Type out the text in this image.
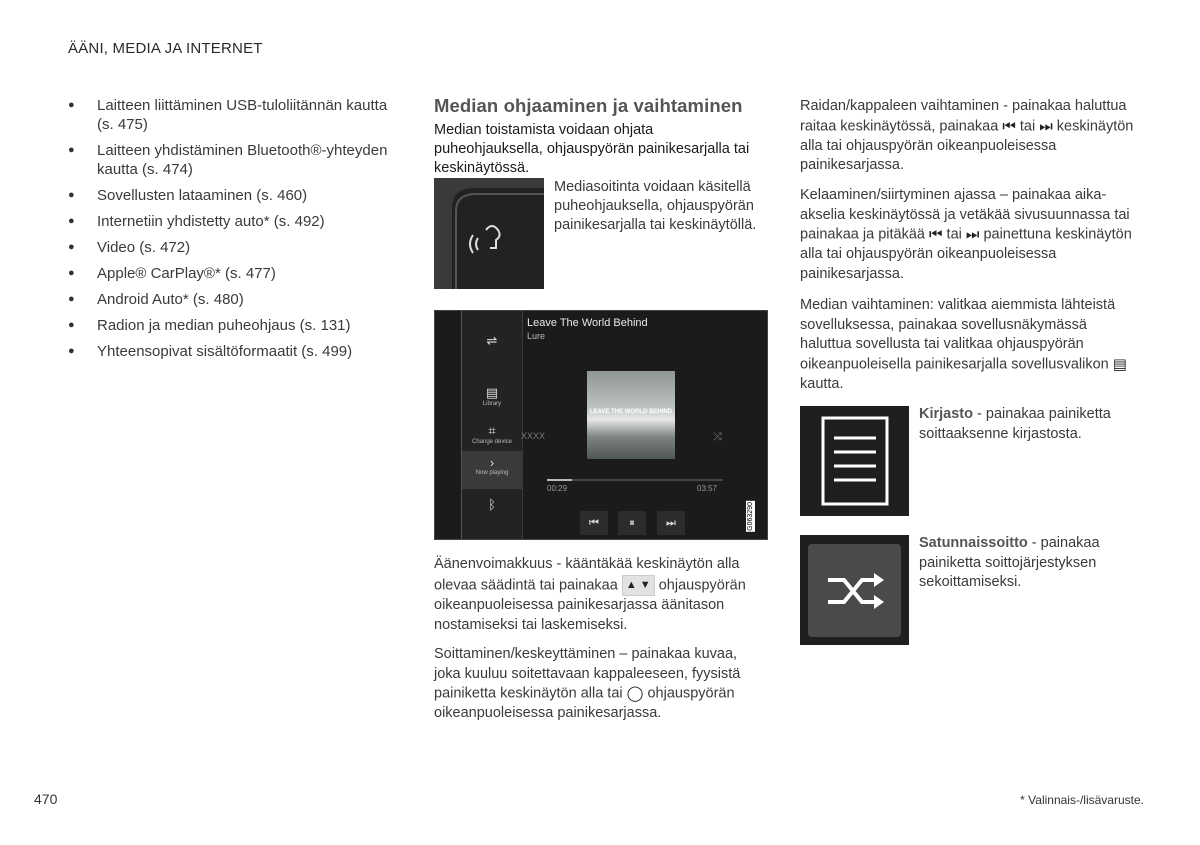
ÄÄNI, MEDIA JA INTERNET
● Laitteen liittäminen USB-tuloliitännän kautta (s. 475)
● Laitteen yhdistäminen Bluetooth®-yhteyden kautta (s. 474)
● Sovellusten lataaminen (s. 460)
● Internetiin yhdistetty auto* (s. 492)
● Video (s. 472)
● Apple® CarPlay®* (s. 477)
● Android Auto* (s. 480)
● Radion ja median puheohjaus (s. 131)
● Yhteensopivat sisältöformaatit (s. 499)
Median ohjaaminen ja vaihtaminen
Median toistamista voidaan ohjata puheohjauksella, ohjauspyörän painikesarjalla tai keskinäytössä.
Mediasoitinta voidaan käsitellä puheohjauksella, ohjauspyörän painikesarjalla tai keskinäytöllä.
⇌
▤
Library
⌗
Change device
›
Now playing
ᛒ
Leave The World Behind
Lure
XXXX
LEAVE THE WORLD BEHIND
⤨
00:29	03:57
⏮	⏸	⏭	G063290
Äänenvoimakkuus - kääntäkää keskinäytön alla olevaa säädintä tai painakaa ▲ ▼ ohjauspyörän oikeanpuoleisessa painikesarjassa äänitason nostamiseksi tai laskemiseksi.
Soittaminen/keskeyttäminen – painakaa kuvaa, joka kuuluu soitettavaan kappaleeseen, fyysistä painiketta keskinäytön alla tai ◯ ohjauspyörän oikeanpuoleisessa painikesarjassa.
Raidan/kappaleen vaihtaminen - painakaa haluttua raitaa keskinäytössä, painakaa ⏮ tai ⏭ keskinäytön alla tai ohjauspyörän oikeanpuoleisessa painikesarjassa.
Kelaaminen/siirtyminen ajassa – painakaa aika-akselia keskinäytössä ja vetäkää sivusuunnassa tai painakaa ja pitäkää ⏮ tai ⏭ painettuna keskinäytön alla tai ohjauspyörän oikeanpuoleisessa painikesarjassa.
Median vaihtaminen: valitkaa aiemmista lähteistä sovelluksessa, painakaa sovellusnäkymässä haluttua sovellusta tai valitkaa ohjauspyörän oikeanpuoleisella painikesarjalla sovellusvalikon ▤ kautta.
Kirjasto - painakaa painiketta soittaaksenne kirjastosta.
Satunnaissoitto - painakaa painiketta soittojärjestyksen sekoittamiseksi.
470	* Valinnais-/lisävaruste.
